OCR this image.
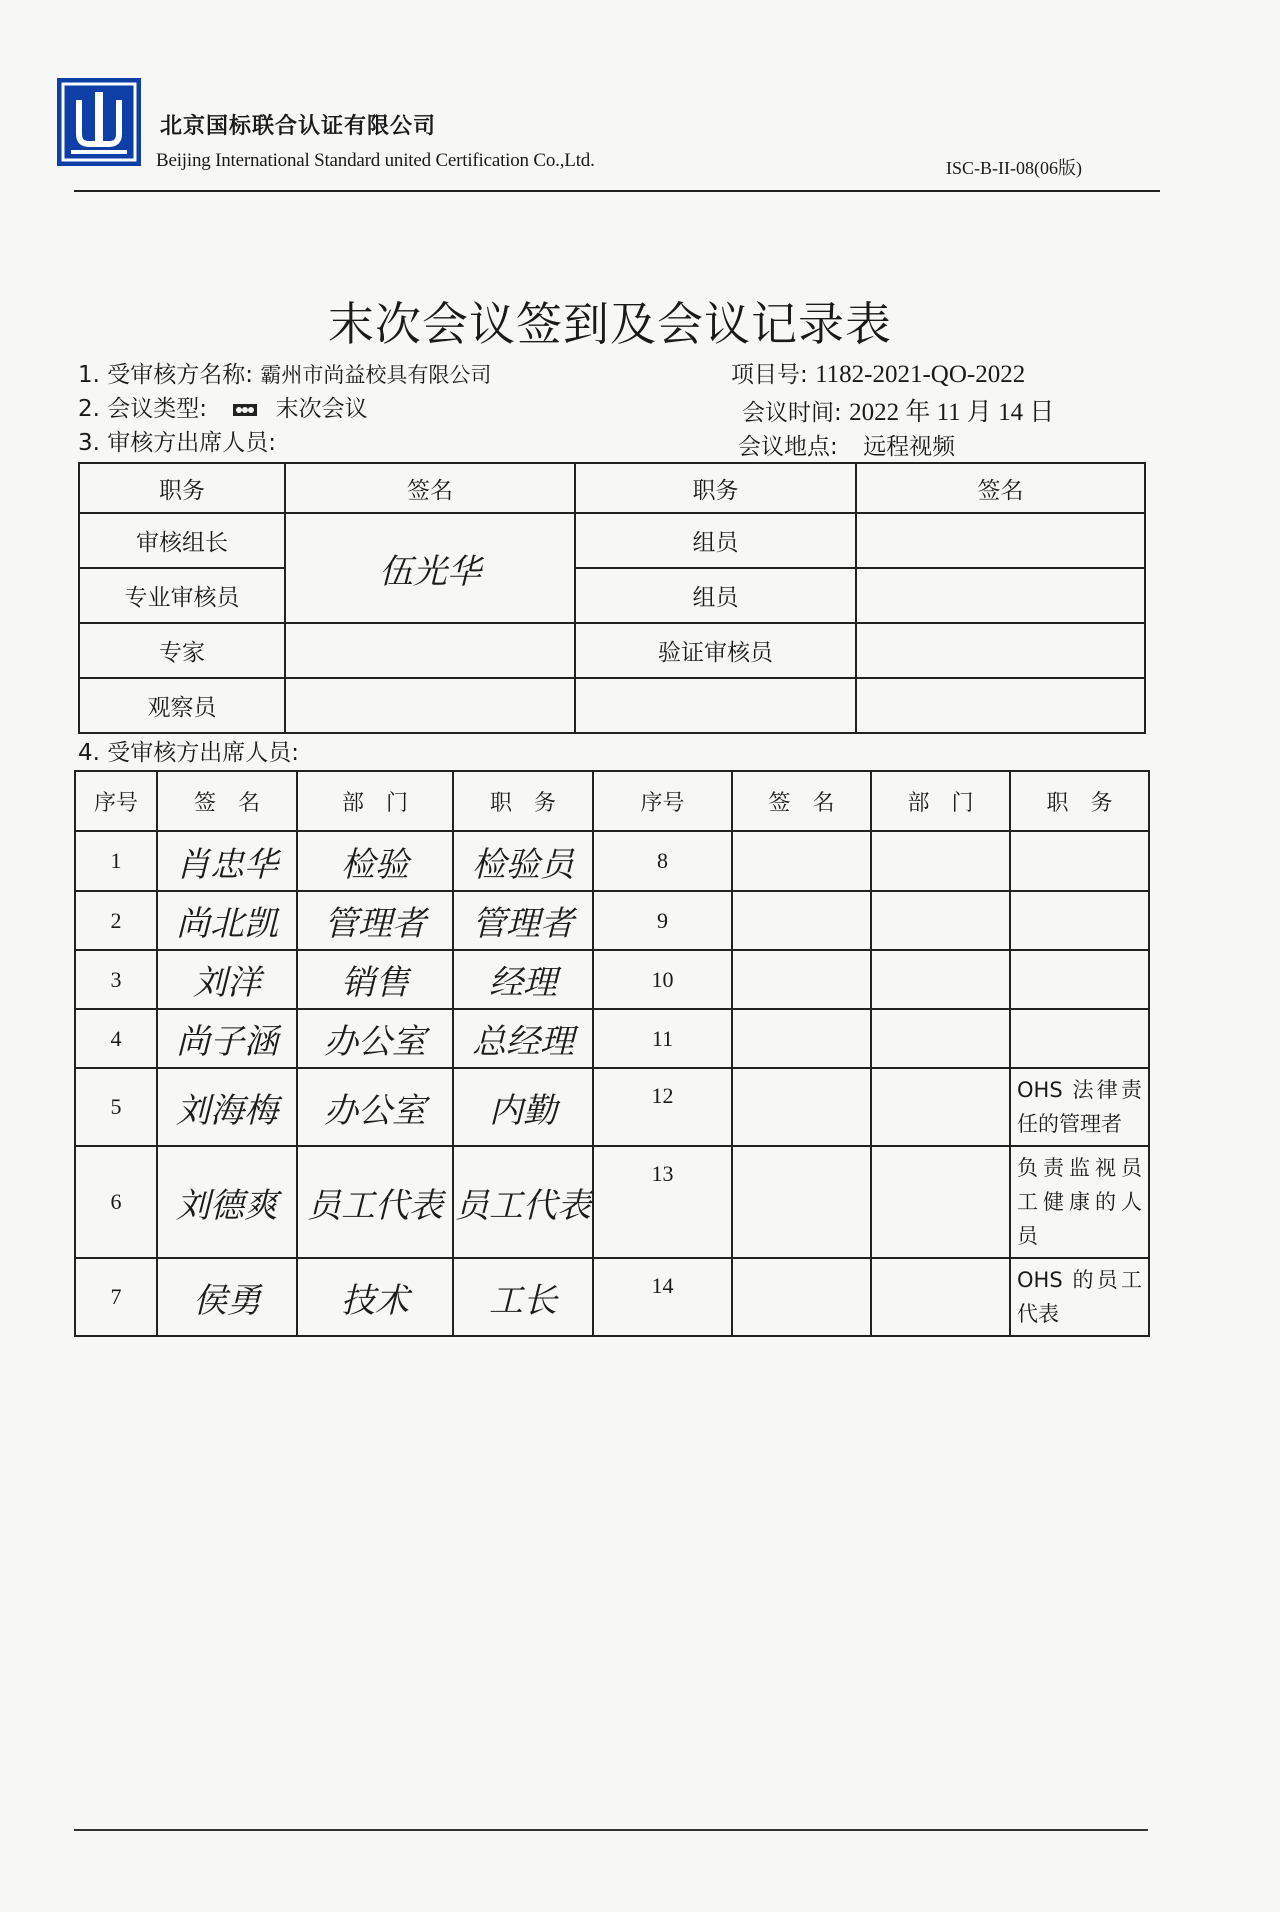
北京国标联合认证有限公司
Beijing International Standard united Certification Co.,Ltd.	ISC-B-II-08(06版)
末次会议签到及会议记录表
1. 受审核方名称: 霸州市尚益校具有限公司	项目号: 1182-2021-QO-2022
2. 会议类型:	末次会议	会议时间: 2022 年 11 月 14 日
3. 审核方出席人员:	会议地点: 远程视频
职务	签名	职务	签名
审核组长	伍光华	组员	
专业审核员		组员	
专家		验证审核员	
观察员			
4. 受审核方出席人员:
序号	签　名	部　门	职　务	序号	签　名	部　门	职　务
1	肖忠华	检验	检验员	8			
2	尚北凯	管理者	管理者	9			
3	刘洋	销售	经理	10			
4	尚子涵	办公室	总经理	11			
5	刘海梅	办公室	内勤	12			OHS 法律责任的管理者
6	刘德爽	员工代表	员工代表	13			负责监视员工健康的人员
7	侯勇	技术	工长	14			OHS 的员工代表
